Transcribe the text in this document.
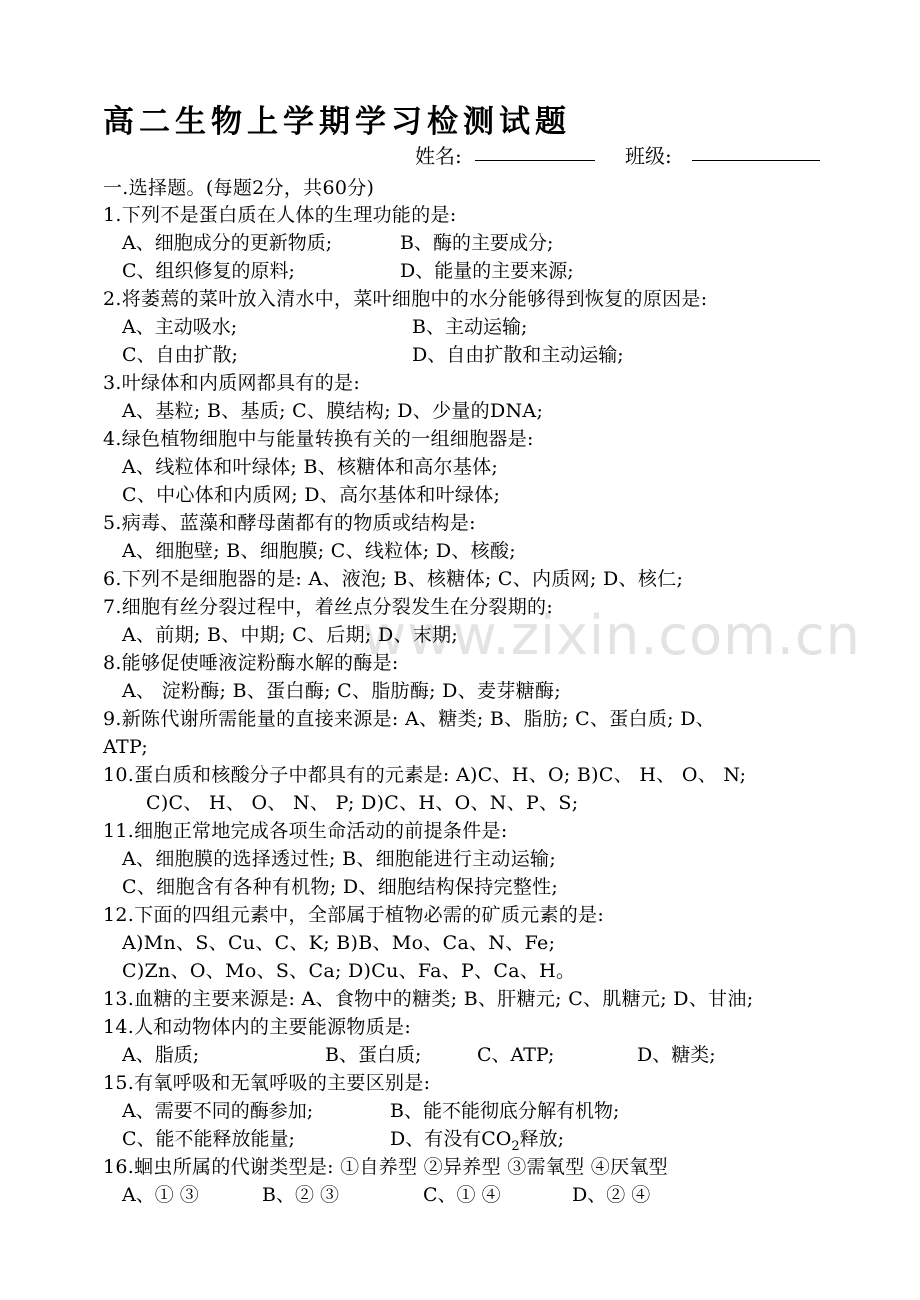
高二生物上学期学习检测试题
姓名:	班级:
www.zixin.com.cn
一.选择题。(每题2分，共60分)
1.下列不是蛋白质在人体的生理功能的是:
A、细胞成分的更新物质;	B、酶的主要成分;
C、组织修复的原料;	D、能量的主要来源;
2.将萎蔫的菜叶放入清水中，菜叶细胞中的水分能够得到恢复的原因是:
A、主动吸水;	B、主动运输;
C、自由扩散;	D、自由扩散和主动运输;
3.叶绿体和内质网都具有的是:
A、基粒; B、基质; C、膜结构; D、少量的DNA;
4.绿色植物细胞中与能量转换有关的一组细胞器是:
A、线粒体和叶绿体; B、核糖体和高尔基体;
C、中心体和内质网; D、高尔基体和叶绿体;
5.病毒、蓝藻和酵母菌都有的物质或结构是:
A、细胞壁; B、细胞膜; C、线粒体; D、核酸;
6.下列不是细胞器的是: A、液泡; B、核糖体; C、内质网; D、核仁;
7.细胞有丝分裂过程中，着丝点分裂发生在分裂期的:
A、前期; B、中期; C、后期; D、末期;
8.能够促使唾液淀粉酶水解的酶是:
A、 淀粉酶; B、蛋白酶; C、脂肪酶; D、麦芽糖酶;
9.新陈代谢所需能量的直接来源是: A、糖类; B、脂肪; C、蛋白质; D、
ATP;
10.蛋白质和核酸分子中都具有的元素是: A)C、H、O; B)C、 H、 O、 N;
C)C、 H、 O、 N、 P; D)C、H、O、N、P、S;
11.细胞正常地完成各项生命活动的前提条件是:
A、细胞膜的选择透过性; B、细胞能进行主动运输;
C、细胞含有各种有机物; D、细胞结构保持完整性;
12.下面的四组元素中，全部属于植物必需的矿质元素的是:
A)Mn、S、Cu、C、K; B)B、Mo、Ca、N、Fe;
C)Zn、O、Mo、S、Ca; D)Cu、Fa、P、Ca、H。
13.血糖的主要来源是: A、食物中的糖类; B、肝糖元; C、肌糖元; D、甘油;
14.人和动物体内的主要能源物质是:
A、脂质;	B、蛋白质;	C、ATP;	D、糖类;
15.有氧呼吸和无氧呼吸的主要区别是:
A、需要不同的酶参加;	B、能不能彻底分解有机物;
C、能不能释放能量;	D、有没有$CO_2$释放;
16.蛔虫所属的代谢类型是: ①自养型 ②异养型 ③需氧型 ④厌氧型
A、① ③	B、② ③	C、① ④	D、② ④
